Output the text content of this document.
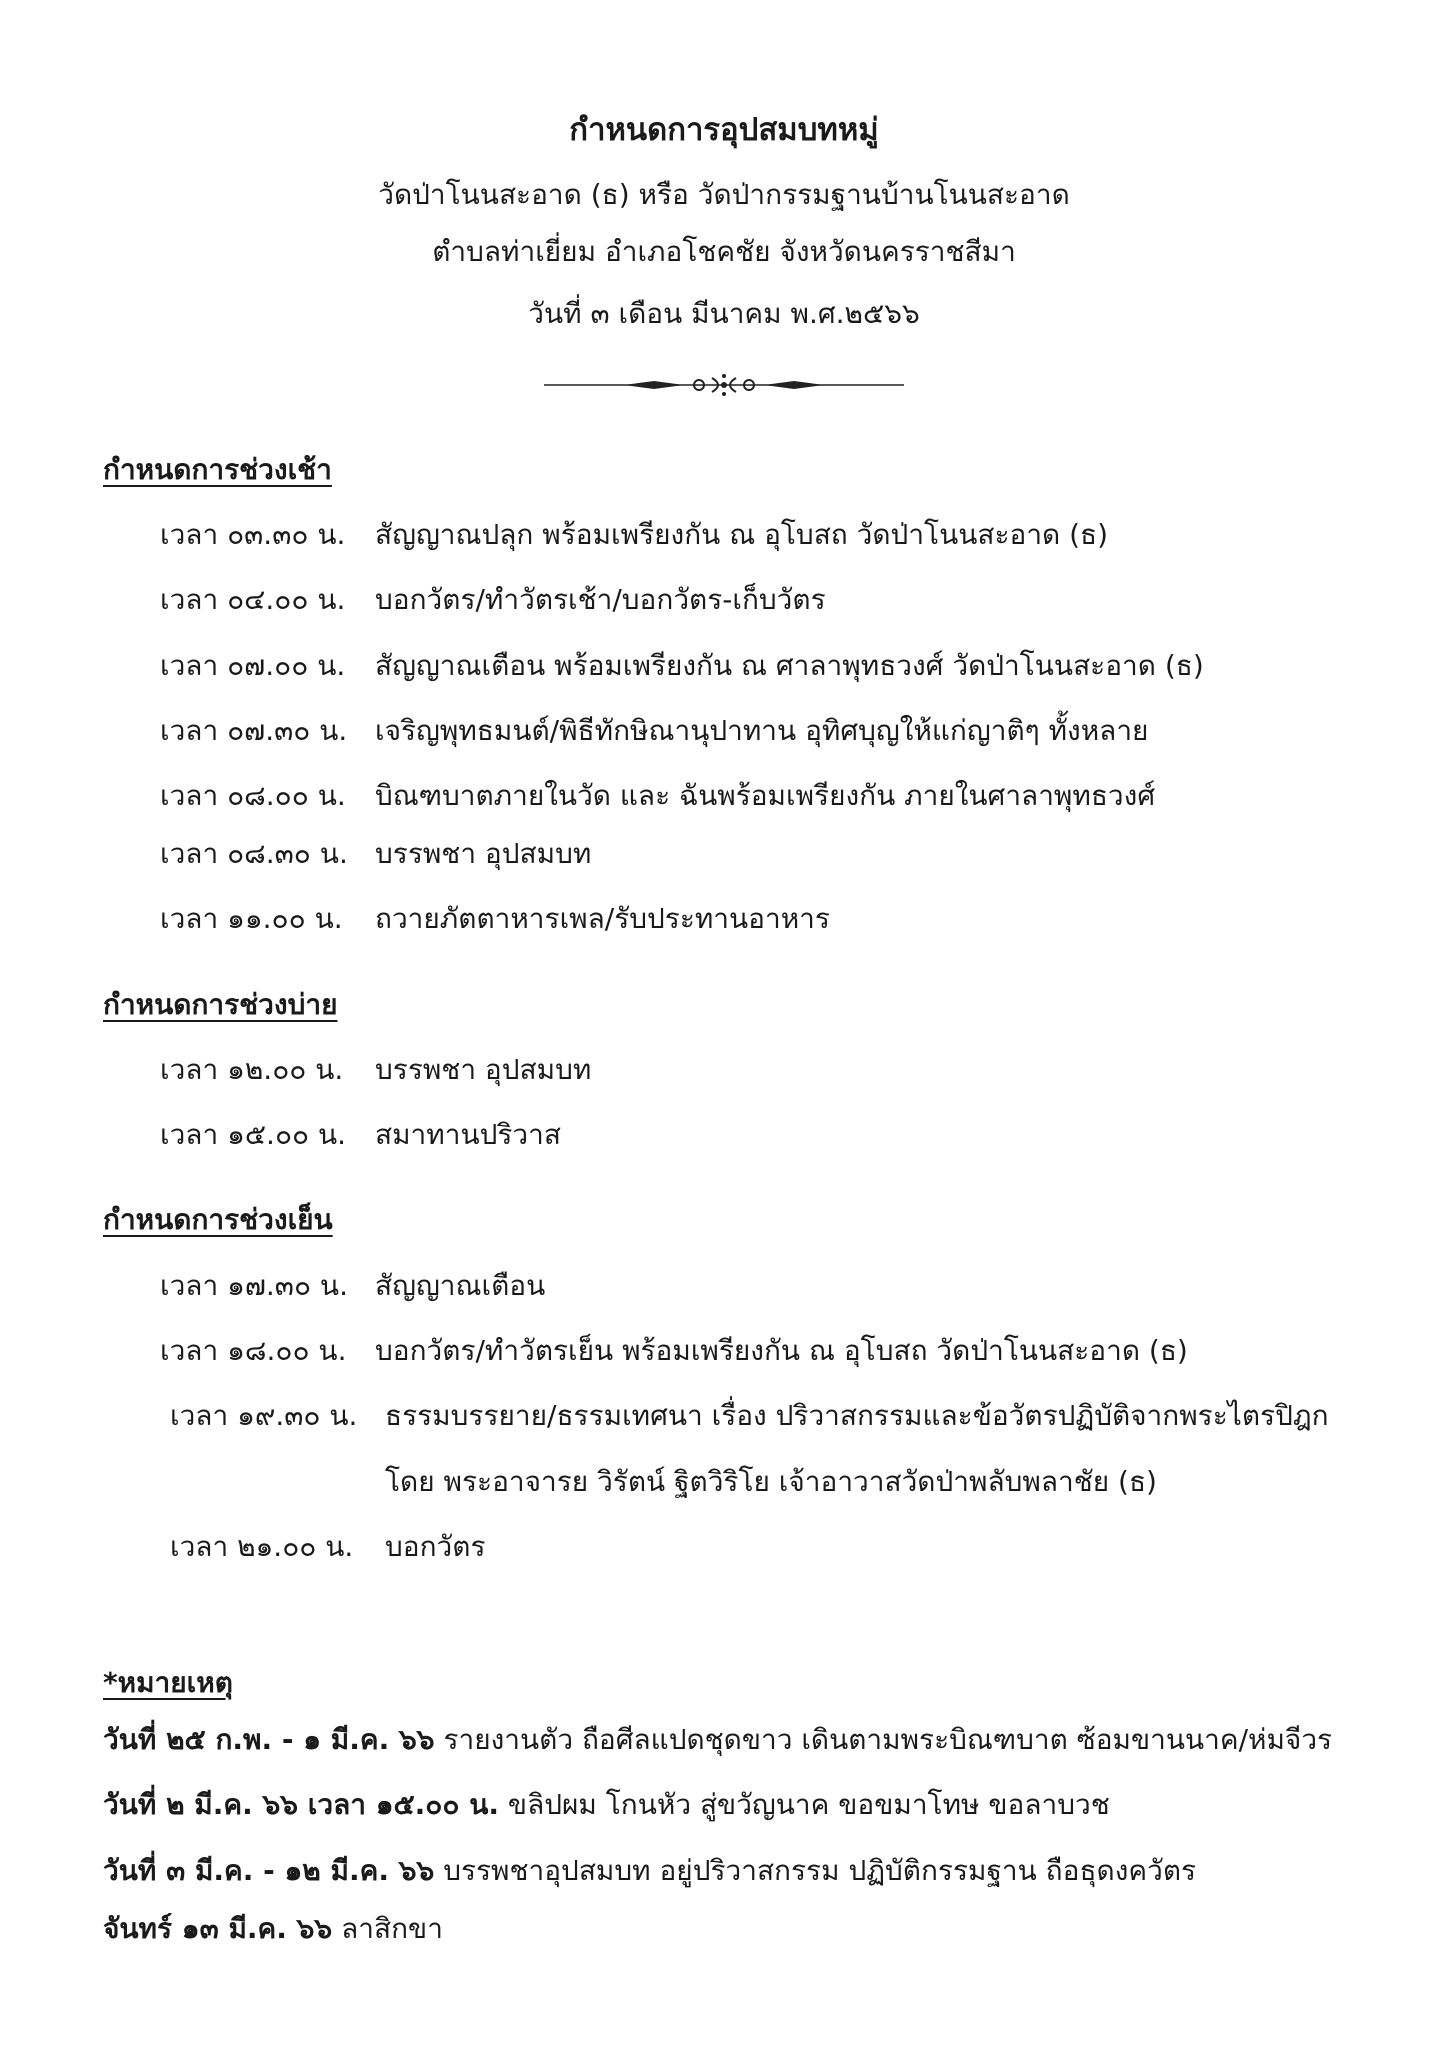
กำหนดการอุปสมบทหมู่
วัดป่าโนนสะอาด (ธ) หรือ วัดป่ากรรมฐานบ้านโนนสะอาด
ตำบลท่าเยี่ยม อำเภอโชคชัย จังหวัดนครราชสีมา
วันที่ ๓ เดือน มีนาคม พ.ศ.๒๕๖๖
กำหนดการช่วงเช้า
เวลา ๐๓.๓๐ น. สัญญาณปลุก พร้อมเพรียงกัน ณ อุโบสถ วัดป่าโนนสะอาด (ธ)
เวลา ๐๔.๐๐ น. บอกวัตร/ทำวัตรเช้า/บอกวัตร-เก็บวัตร
เวลา ๐๗.๐๐ น. สัญญาณเตือน พร้อมเพรียงกัน ณ ศาลาพุทธวงศ์ วัดป่าโนนสะอาด (ธ)
เวลา ๐๗.๓๐ น. เจริญพุทธมนต์/พิธีทักษิณานุปาทาน อุทิศบุญให้แก่ญาติๆ ทั้งหลาย
เวลา ๐๘.๐๐ น. บิณฑบาตภายในวัด และ ฉันพร้อมเพรียงกัน ภายในศาลาพุทธวงศ์
เวลา ๐๘.๓๐ น. บรรพชา อุปสมบท
เวลา ๑๑.๐๐ น. ถวายภัตตาหารเพล/รับประทานอาหาร
กำหนดการช่วงบ่าย
เวลา ๑๒.๐๐ น. บรรพชา อุปสมบท
เวลา ๑๕.๐๐ น. สมาทานปริวาส
กำหนดการช่วงเย็น
เวลา ๑๗.๓๐ น. สัญญาณเตือน
เวลา ๑๘.๐๐ น. บอกวัตร/ทำวัตรเย็น พร้อมเพรียงกัน ณ อุโบสถ วัดป่าโนนสะอาด (ธ)
เวลา ๑๙.๓๐ น. ธรรมบรรยาย/ธรรมเทศนา เรื่อง ปริวาสกรรมและข้อวัตรปฏิบัติจากพระไตรปิฎก
โดย พระอาจารย วิรัตน์ ฐิตวิริโย เจ้าอาวาสวัดป่าพลับพลาชัย (ธ)
เวลา ๒๑.๐๐ น. บอกวัตร
*หมายเหตุ
วันที่ ๒๕ ก.พ. - ๑ มี.ค. ๖๖ รายงานตัว ถือศีลแปดชุดขาว เดินตามพระบิณฑบาต ซ้อมขานนาค/ห่มจีวร
วันที่ ๒ มี.ค. ๖๖ เวลา ๑๕.๐๐ น. ขลิปผม โกนหัว สู่ขวัญนาค ขอขมาโทษ ขอลาบวช
วันที่ ๓ มี.ค. - ๑๒ มี.ค. ๖๖ บรรพชาอุปสมบท อยู่ปริวาสกรรม ปฏิบัติกรรมฐาน ถือธุดงควัตร
จันทร์ ๑๓ มี.ค. ๖๖ ลาสิกขา
